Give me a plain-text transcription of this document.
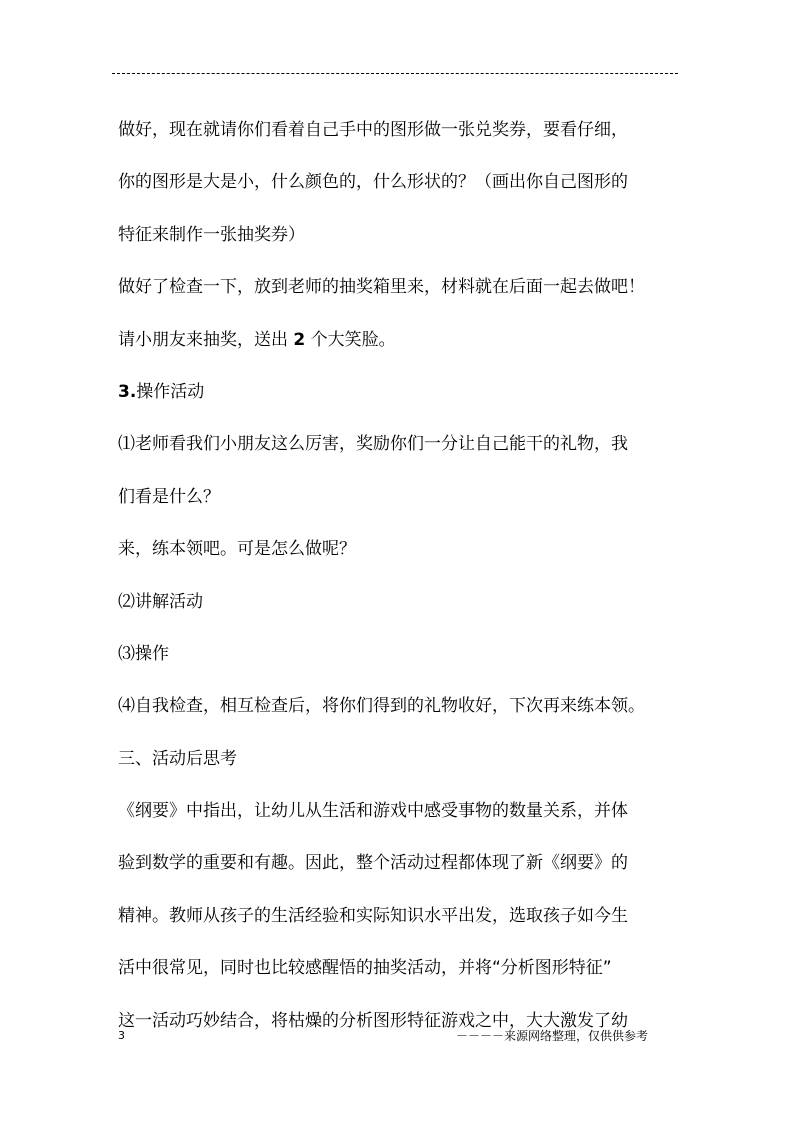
做好，现在就请你们看着自己手中的图形做一张兑奖券，要看仔细，

你的图形是大是小，什么颜色的，什么形状的？（画出你自己图形的

特征来制作一张抽奖券）

做好了检查一下，放到老师的抽奖箱里来，材料就在后面一起去做吧！

请小朋友来抽奖，送出 2 个大笑脸。

3.操作活动

⑴老师看我们小朋友这么厉害，奖励你们一分让自己能干的礼物，我

们看是什么？

来，练本领吧。可是怎么做呢？

⑵讲解活动

⑶操作

⑷自我检查，相互检查后，将你们得到的礼物收好，下次再来练本领。

三、活动后思考

《纲要》中指出，让幼儿从生活和游戏中感受事物的数量关系，并体

验到数学的重要和有趣。因此，整个活动过程都体现了新《纲要》的

精神。教师从孩子的生活经验和实际知识水平出发，选取孩子如今生

活中很常见，同时也比较感醒悟的抽奖活动，并将“分析图形特征”

这一活动巧妙结合，将枯燥的分析图形特征游戏之中，大大激发了幼

3	－－－－来源网络整理，仅供供参考
